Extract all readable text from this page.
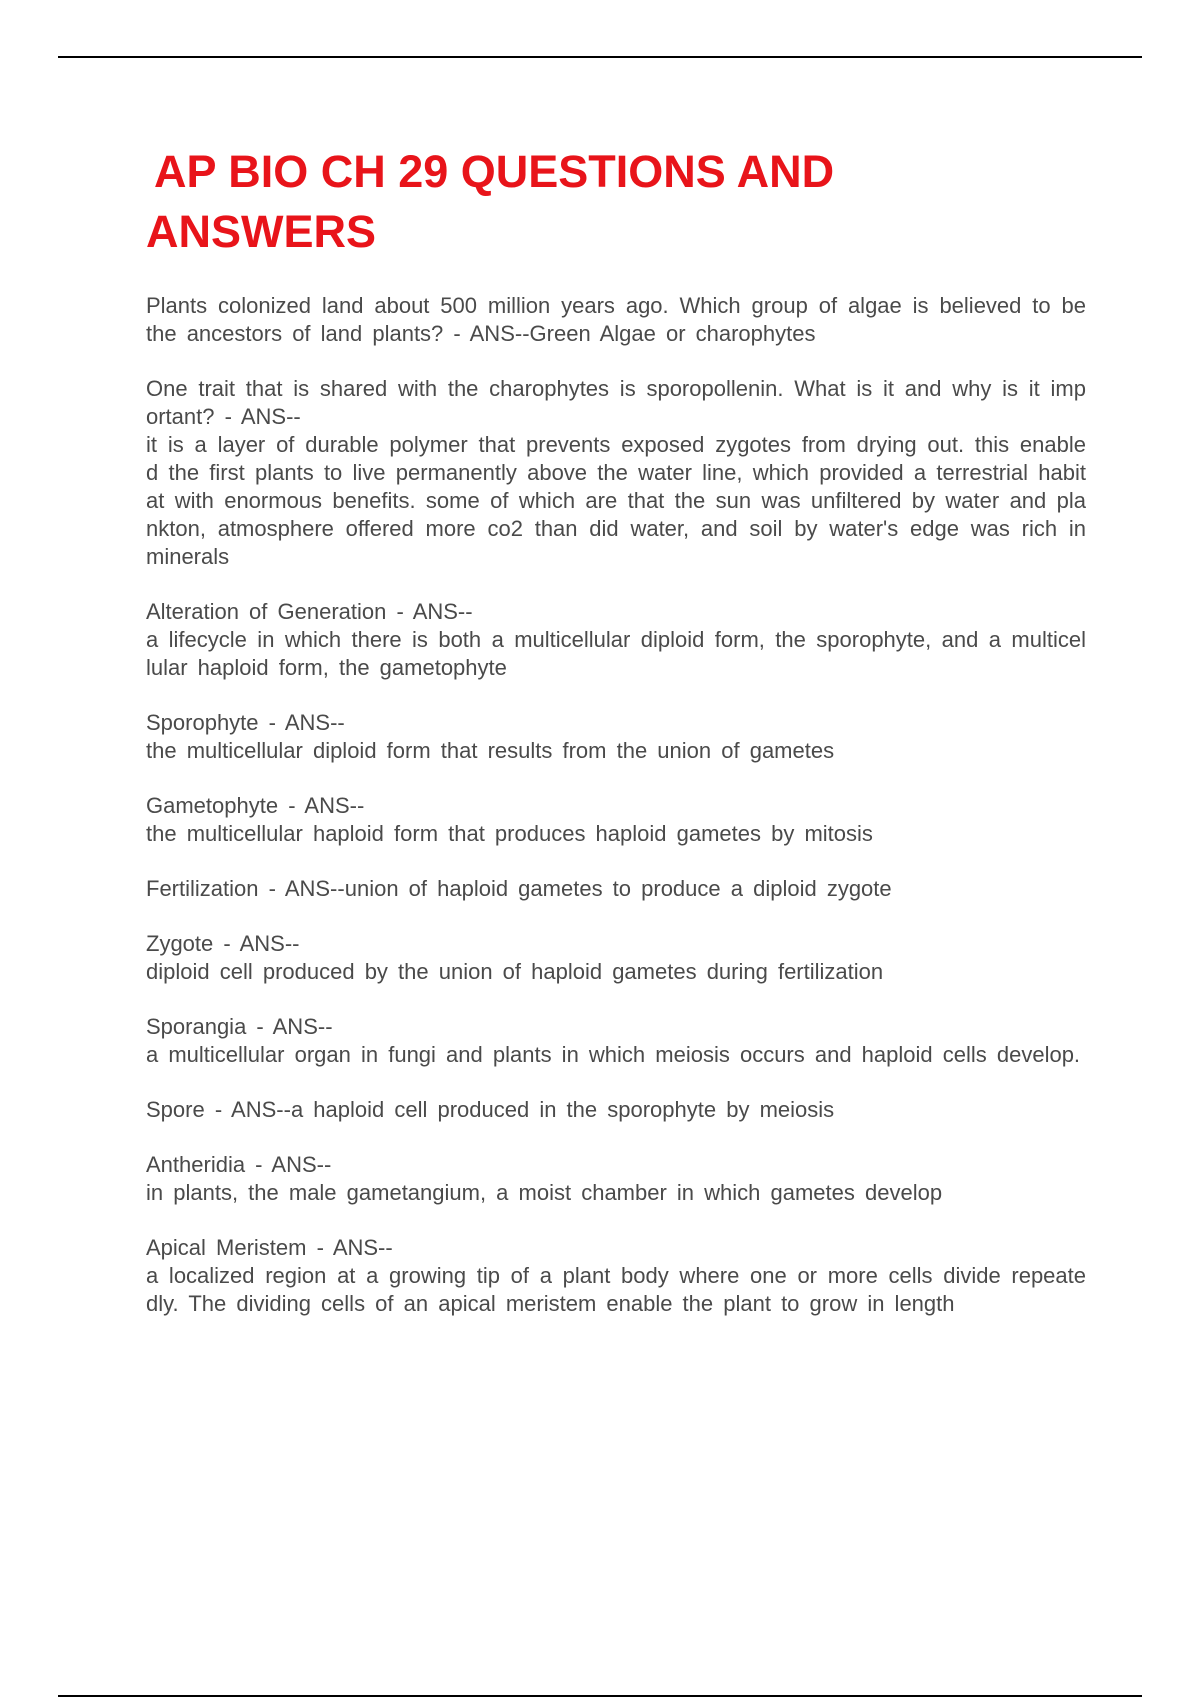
AP BIO CH 29 QUESTIONS AND
ANSWERS

Plants colonized land about 500 million years ago. Which group of algae is believed to be the ancestors of land plants? - ANS--Green Algae or charophytes

One trait that is shared with the charophytes is sporopollenin. What is it and why is it important? - ANS--
it is a layer of durable polymer that prevents exposed zygotes from drying out. this enabled the first plants to live permanently above the water line, which provided a terrestrial habitat with enormous benefits. some of which are that the sun was unfiltered by water and plankton, atmosphere offered more co2 than did water, and soil by water's edge was rich in minerals

Alteration of Generation - ANS--
a lifecycle in which there is both a multicellular diploid form, the sporophyte, and a multicellular haploid form, the gametophyte

Sporophyte - ANS--
the multicellular diploid form that results from the union of gametes

Gametophyte - ANS--
the multicellular haploid form that produces haploid gametes by mitosis

Fertilization - ANS--union of haploid gametes to produce a diploid zygote

Zygote - ANS--
diploid cell produced by the union of haploid gametes during fertilization

Sporangia - ANS--
a multicellular organ in fungi and plants in which meiosis occurs and haploid cells develop.

Spore - ANS--a haploid cell produced in the sporophyte by meiosis

Antheridia - ANS--
in plants, the male gametangium, a moist chamber in which gametes develop

Apical Meristem - ANS--
a localized region at a growing tip of a plant body where one or more cells divide repeatedly. The dividing cells of an apical meristem enable the plant to grow in length
